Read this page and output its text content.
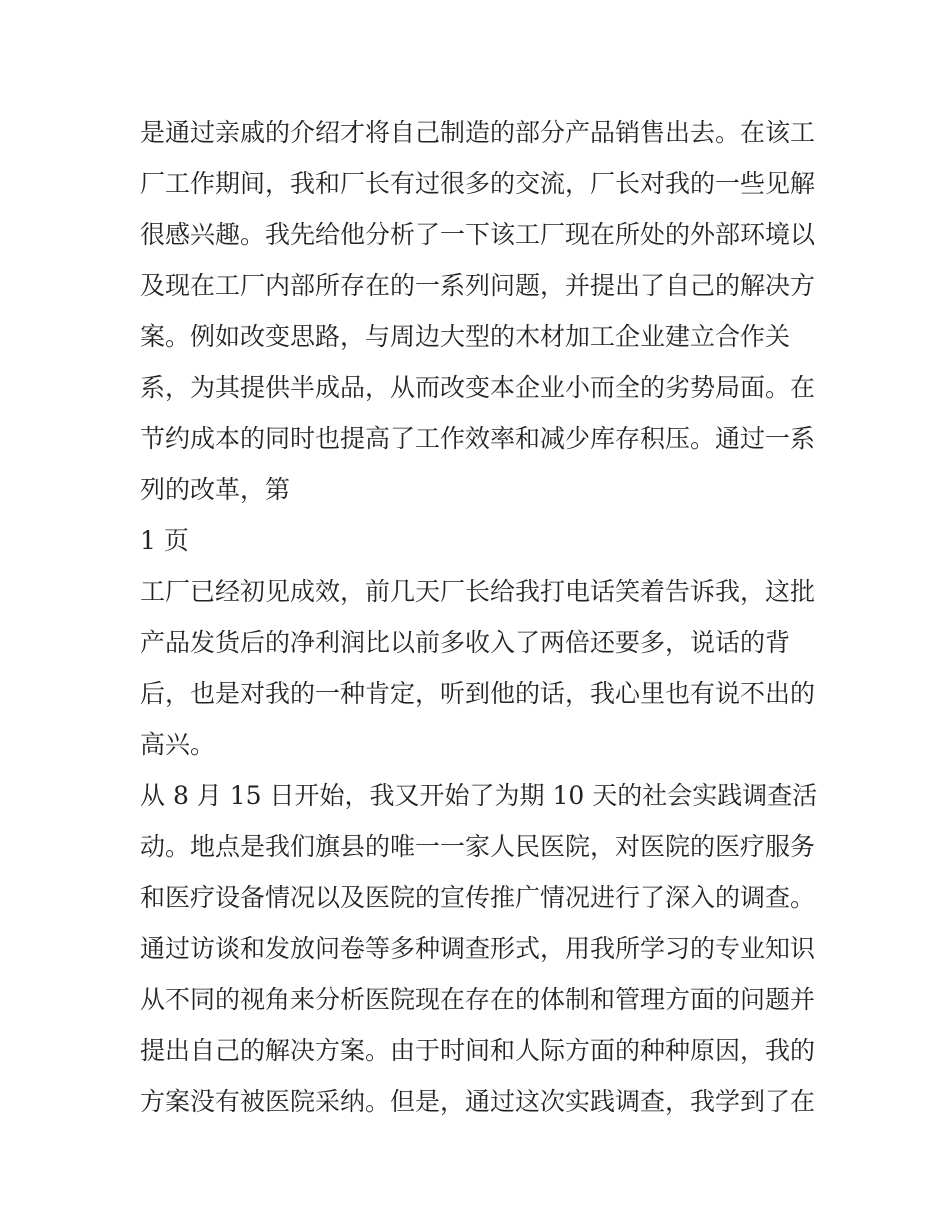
是通过亲戚的介绍才将自己制造的部分产品销售出去。在该工
厂工作期间，我和厂长有过很多的交流，厂长对我的一些见解
很感兴趣。我先给他分析了一下该工厂现在所处的外部环境以
及现在工厂内部所存在的一系列问题，并提出了自己的解决方
案。例如改变思路，与周边大型的木材加工企业建立合作关
系，为其提供半成品，从而改变本企业小而全的劣势局面。在
节约成本的同时也提高了工作效率和减少库存积压。通过一系
列的改革，第
1 页
工厂已经初见成效，前几天厂长给我打电话笑着告诉我，这批
产品发货后的净利润比以前多收入了两倍还要多，说话的背
后，也是对我的一种肯定，听到他的话，我心里也有说不出的
高兴。
从 8 月 15 日开始，我又开始了为期 10 天的社会实践调查活
动。地点是我们旗县的唯一一家人民医院，对医院的医疗服务
和医疗设备情况以及医院的宣传推广情况进行了深入的调查。
通过访谈和发放问卷等多种调查形式，用我所学习的专业知识
从不同的视角来分析医院现在存在的体制和管理方面的问题并
提出自己的解决方案。由于时间和人际方面的种种原因，我的
方案没有被医院采纳。但是，通过这次实践调查，我学到了在
